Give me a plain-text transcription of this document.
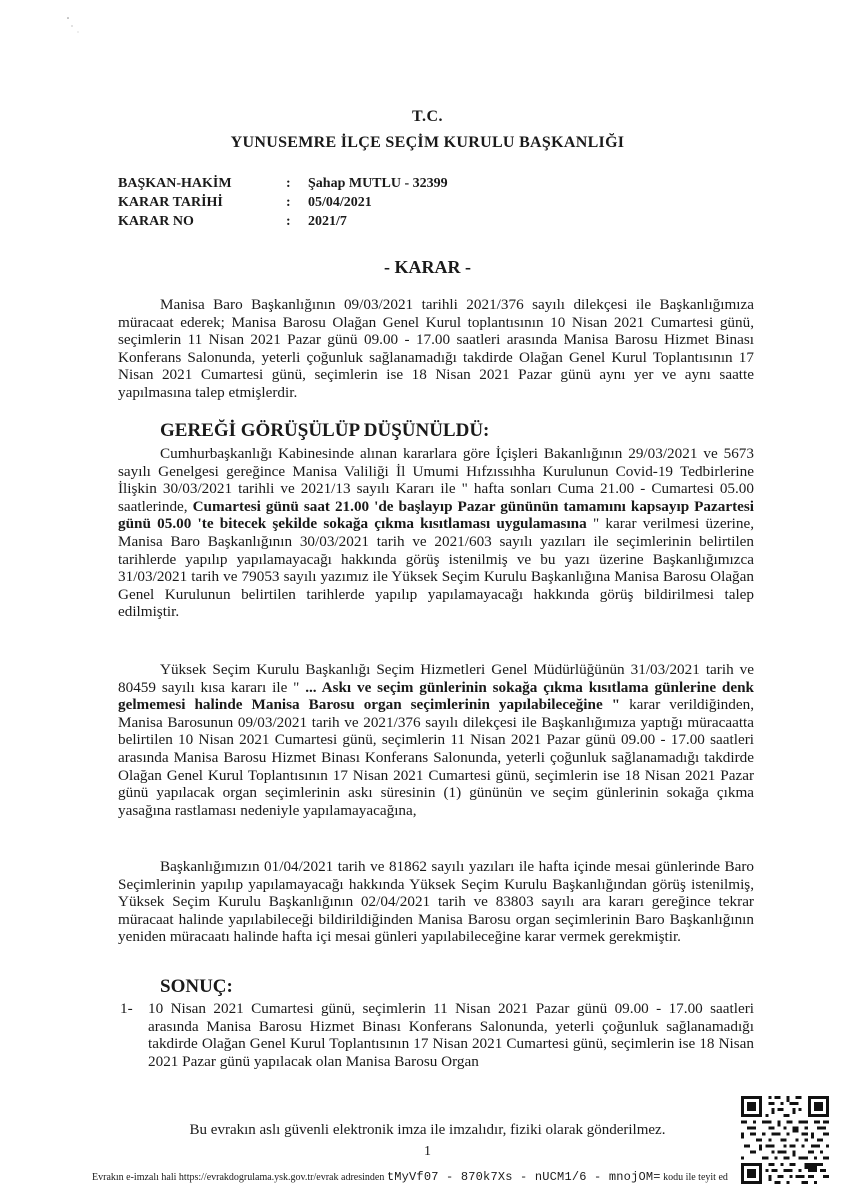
T.C.
YUNUSEMRE İLÇE SEÇİM KURULU BAŞKANLIĞI
BAŞKAN-HAKİM	: Şahap MUTLU - 32399
KARAR TARİHİ	: 05/04/2021
KARAR NO	: 2021/7
- KARAR -
Manisa Baro Başkanlığının 09/03/2021 tarihli 2021/376 sayılı dilekçesi ile Başkanlığımıza müracaat ederek; Manisa Barosu Olağan Genel Kurul toplantısının 10 Nisan 2021 Cumartesi günü, seçimlerin 11 Nisan 2021 Pazar günü 09.00 - 17.00 saatleri arasında Manisa Barosu Hizmet Binası Konferans Salonunda, yeterli çoğunluk sağlanamadığı takdirde Olağan Genel Kurul Toplantısının 17 Nisan 2021 Cumartesi günü, seçimlerin ise 18 Nisan 2021 Pazar günü aynı yer ve aynı saatte yapılmasına talep etmişlerdir.
GEREĞİ GÖRÜŞÜLÜP DÜŞÜNÜLDÜ:
Cumhurbaşkanlığı Kabinesinde alınan kararlara göre İçişleri Bakanlığının 29/03/2021 ve 5673 sayılı Genelgesi gereğince Manisa Valiliği İl Umumi Hıfzıssıhha Kurulunun Covid-19 Tedbirlerine İlişkin 30/03/2021 tarihli ve 2021/13 sayılı Kararı ile " hafta sonları Cuma 21.00 - Cumartesi 05.00 saatlerinde, Cumartesi günü saat 21.00 'de başlayıp Pazar gününün tamamını kapsayıp Pazartesi günü 05.00 'te bitecek şekilde sokağa çıkma kısıtlaması uygulamasına " karar verilmesi üzerine, Manisa Baro Başkanlığının 30/03/2021 tarih ve 2021/603 sayılı yazıları ile seçimlerinin belirtilen tarihlerde yapılıp yapılamayacağı hakkında görüş istenilmiş ve bu yazı üzerine Başkanlığımızca 31/03/2021 tarih ve 79053 sayılı yazımız ile Yüksek Seçim Kurulu Başkanlığına Manisa Barosu Olağan Genel Kurulunun belirtilen tarihlerde yapılıp yapılamayacağı hakkında görüş bildirilmesi talep edilmiştir.
Yüksek Seçim Kurulu Başkanlığı Seçim Hizmetleri Genel Müdürlüğünün 31/03/2021 tarih ve 80459 sayılı kısa kararı ile " ... Askı ve seçim günlerinin sokağa çıkma kısıtlama günlerine denk gelmemesi halinde Manisa Barosu organ seçimlerinin yapılabileceğine " karar verildiğinden, Manisa Barosunun 09/03/2021 tarih ve 2021/376 sayılı dilekçesi ile Başkanlığımıza yaptığı müracaatta belirtilen 10 Nisan 2021 Cumartesi günü, seçimlerin 11 Nisan 2021 Pazar günü 09.00 - 17.00 saatleri arasında Manisa Barosu Hizmet Binası Konferans Salonunda, yeterli çoğunluk sağlanamadığı takdirde Olağan Genel Kurul Toplantısının 17 Nisan 2021 Cumartesi günü, seçimlerin ise 18 Nisan 2021 Pazar günü yapılacak organ seçimlerinin askı süresinin (1) gününün ve seçim günlerinin sokağa çıkma yasağına rastlaması nedeniyle yapılamayacağına,
Başkanlığımızın 01/04/2021 tarih ve 81862 sayılı yazıları ile hafta içinde mesai günlerinde Baro Seçimlerinin yapılıp yapılamayacağı hakkında Yüksek Seçim Kurulu Başkanlığından görüş istenilmiş, Yüksek Seçim Kurulu Başkanlığının 02/04/2021 tarih ve 83803 sayılı ara kararı gereğince tekrar müracaat halinde yapılabileceği bildirildiğinden Manisa Barosu organ seçimlerinin Baro Başkanlığının yeniden müracaatı halinde hafta içi mesai günleri yapılabileceğine karar vermek gerekmiştir.
SONUÇ:
1- 10 Nisan 2021 Cumartesi günü, seçimlerin 11 Nisan 2021 Pazar günü 09.00 - 17.00 saatleri arasında Manisa Barosu Hizmet Binası Konferans Salonunda, yeterli çoğunluk sağlanamadığı takdirde Olağan Genel Kurul Toplantısının 17 Nisan 2021 Cumartesi günü, seçimlerin ise 18 Nisan 2021 Pazar günü yapılacak olan Manisa Barosu Organ
Bu evrakın aslı güvenli elektronik imza ile imzalıdır, fiziki olarak gönderilmez.
1
Evrakın e-imzalı hali https://evrakdogrulama.ysk.gov.tr/evrak adresinden tMyVf07 - 870k7Xs - nUCM1/6 - mnojOM= kodu ile teyit ed
